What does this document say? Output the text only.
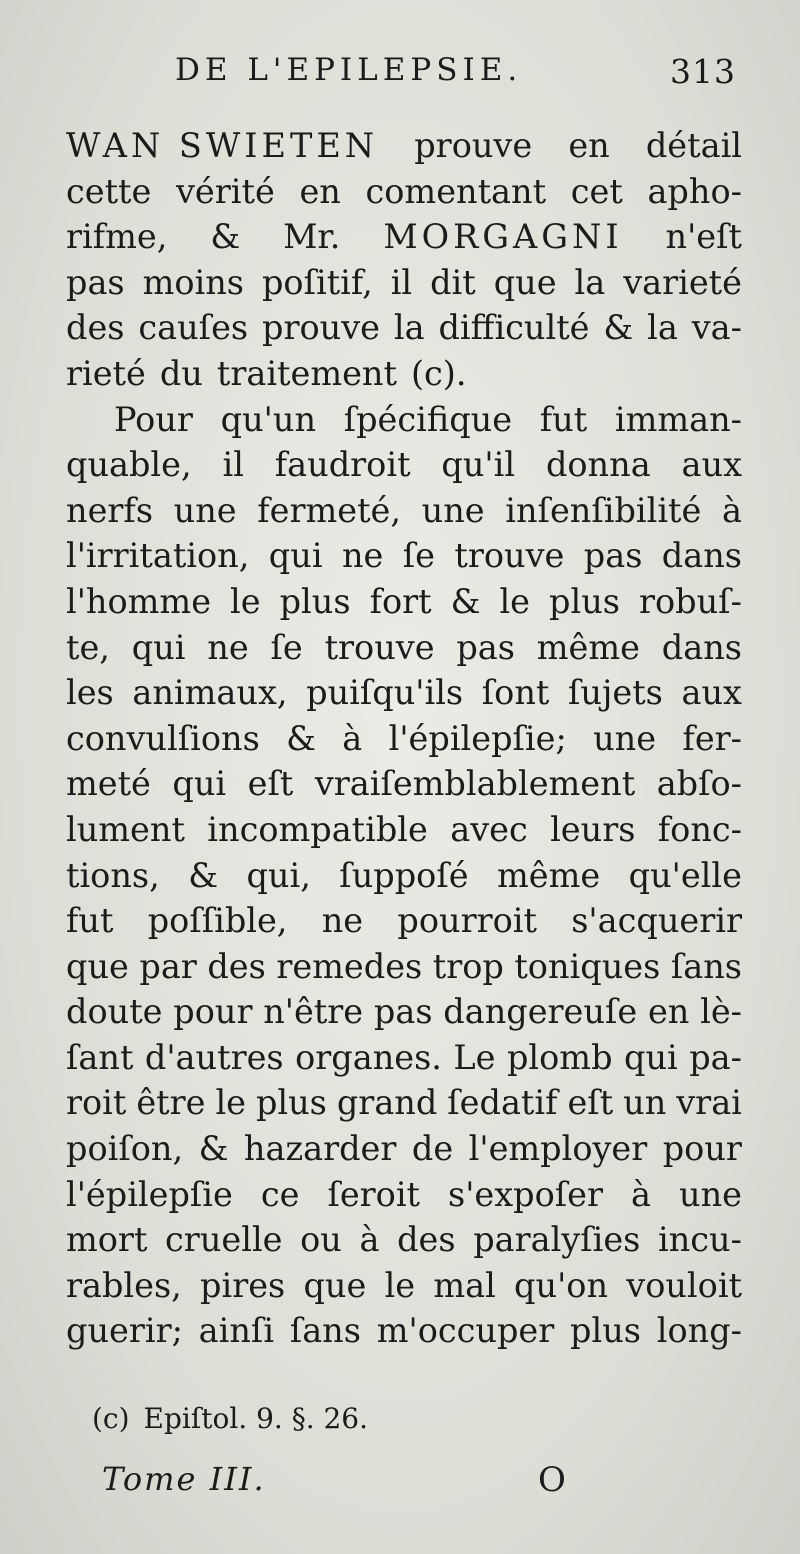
DE L'EPILEPSIE.	313
WAN SWIETEN prouve en détail
cette vérité en comentant cet apho-
rifme, & Mr. MORGAGNI n'eſt
pas moins poſitif, il dit que la varieté
des cauſes prouve la difficulté & la va-
rieté du traitement (c).
Pour qu'un ſpécifique fut imman-
quable, il faudroit qu'il donna aux
nerfs une fermeté, une inſenſibilité à
l'irritation, qui ne ſe trouve pas dans
l'homme le plus fort & le plus robuſ-
te, qui ne ſe trouve pas même dans
les animaux, puiſqu'ils ſont ſujets aux
convulſions & à l'épilepſie; une fer-
meté qui eſt vraiſemblablement abſo-
lument incompatible avec leurs fonc-
tions, & qui, ſuppoſé même qu'elle
fut poſſible, ne pourroit s'acquerir
que par des remedes trop toniques ſans
doute pour n'être pas dangereuſe en lè-
ſant d'autres organes. Le plomb qui pa-
roit être le plus grand ſedatif eſt un vrai
poiſon, & hazarder de l'employer pour
l'épilepſie ce ſeroit s'expoſer à une
mort cruelle ou à des paralyſies incu-
rables, pires que le mal qu'on vouloit
guerir; ainſi ſans m'occuper plus long-
(c) Epiſtol. 9. §. 26.
Tome III.	O
